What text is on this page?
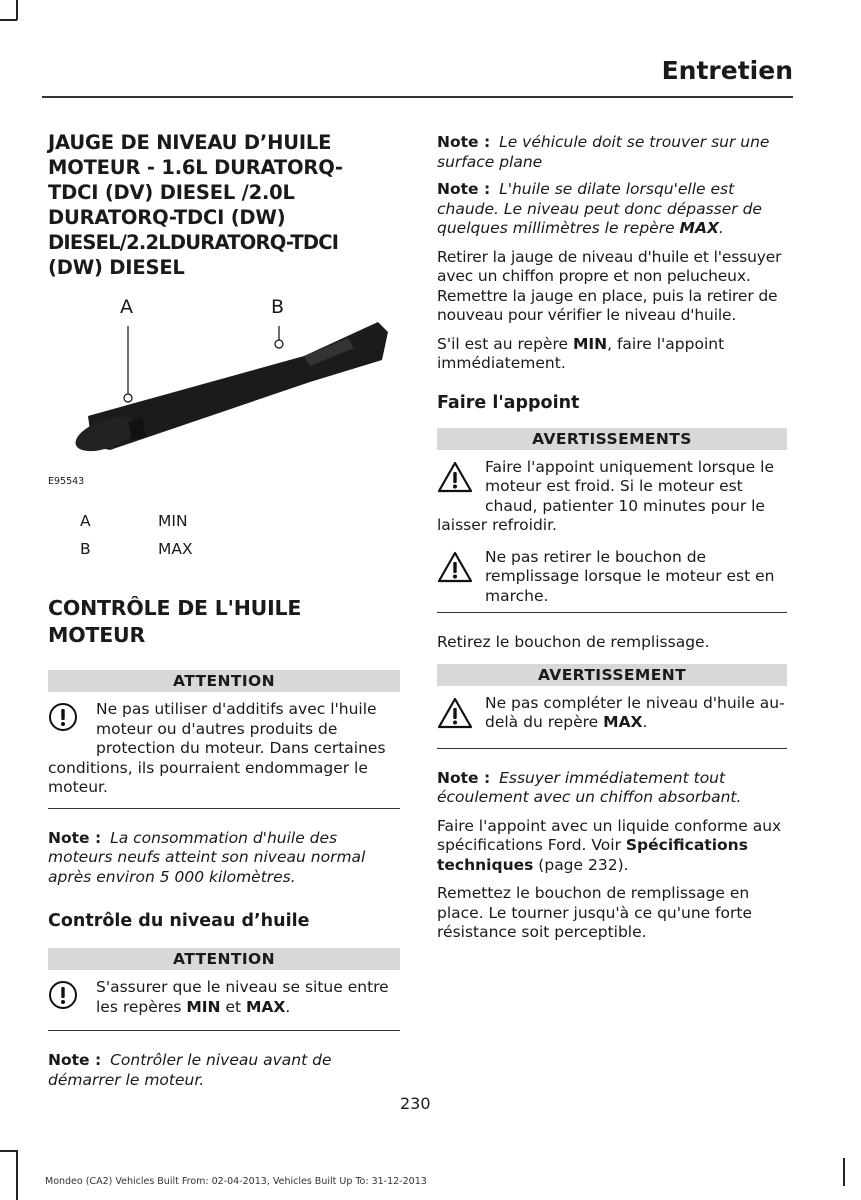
Entretien
JAUGE DE NIVEAU D’HUILE
MOTEUR - 1.6L DURATORQ-
TDCI (DV) DIESEL /2.0L
DURATORQ-TDCI (DW)
DIESEL/2.2LDURATORQ-TDCI
(DW) DIESEL
A	B
E95543
A	MIN
B	MAX
CONTRÔLE DE L'HUILE
MOTEUR
ATTENTION

Ne pas utiliser d'additifs avec l'huile moteur ou d'autres produits de protection du moteur. Dans certaines conditions, ils pourraient endommager le moteur.

Note : La consommation d'huile des moteurs neufs atteint son niveau normal après environ 5 000 kilomètres.

Contrôle du niveau d’huile
ATTENTION

S'assurer que le niveau se situe entre les repères MIN et MAX.

Note : Contrôler le niveau avant de démarrer le moteur.

Note : Le véhicule doit se trouver sur une surface plane

Note : L'huile se dilate lorsqu'elle est chaude. Le niveau peut donc dépasser de quelques millimètres le repère MAX.

Retirer la jauge de niveau d'huile et l'essuyer avec un chiffon propre et non pelucheux. Remettre la jauge en place, puis la retirer de nouveau pour vérifier le niveau d'huile.

S'il est au repère MIN, faire l'appoint immédiatement.

Faire l'appoint
AVERTISSEMENTS

Faire l'appoint uniquement lorsque le moteur est froid. Si le moteur est chaud, patienter 10 minutes pour le laisser refroidir.

Ne pas retirer le bouchon de remplissage lorsque le moteur est en marche.

Retirez le bouchon de remplissage.

AVERTISSEMENT

Ne pas compléter le niveau d'huile au-delà du repère MAX.

Note : Essuyer immédiatement tout écoulement avec un chiffon absorbant.

Faire l'appoint avec un liquide conforme aux spécifications Ford. Voir Spécifications techniques (page 232).

Remettez le bouchon de remplissage en place. Le tourner jusqu'à ce qu'une forte résistance soit perceptible.

230
Mondeo (CA2) Vehicles Built From: 02-04-2013, Vehicles Built Up To: 31-12-2013
